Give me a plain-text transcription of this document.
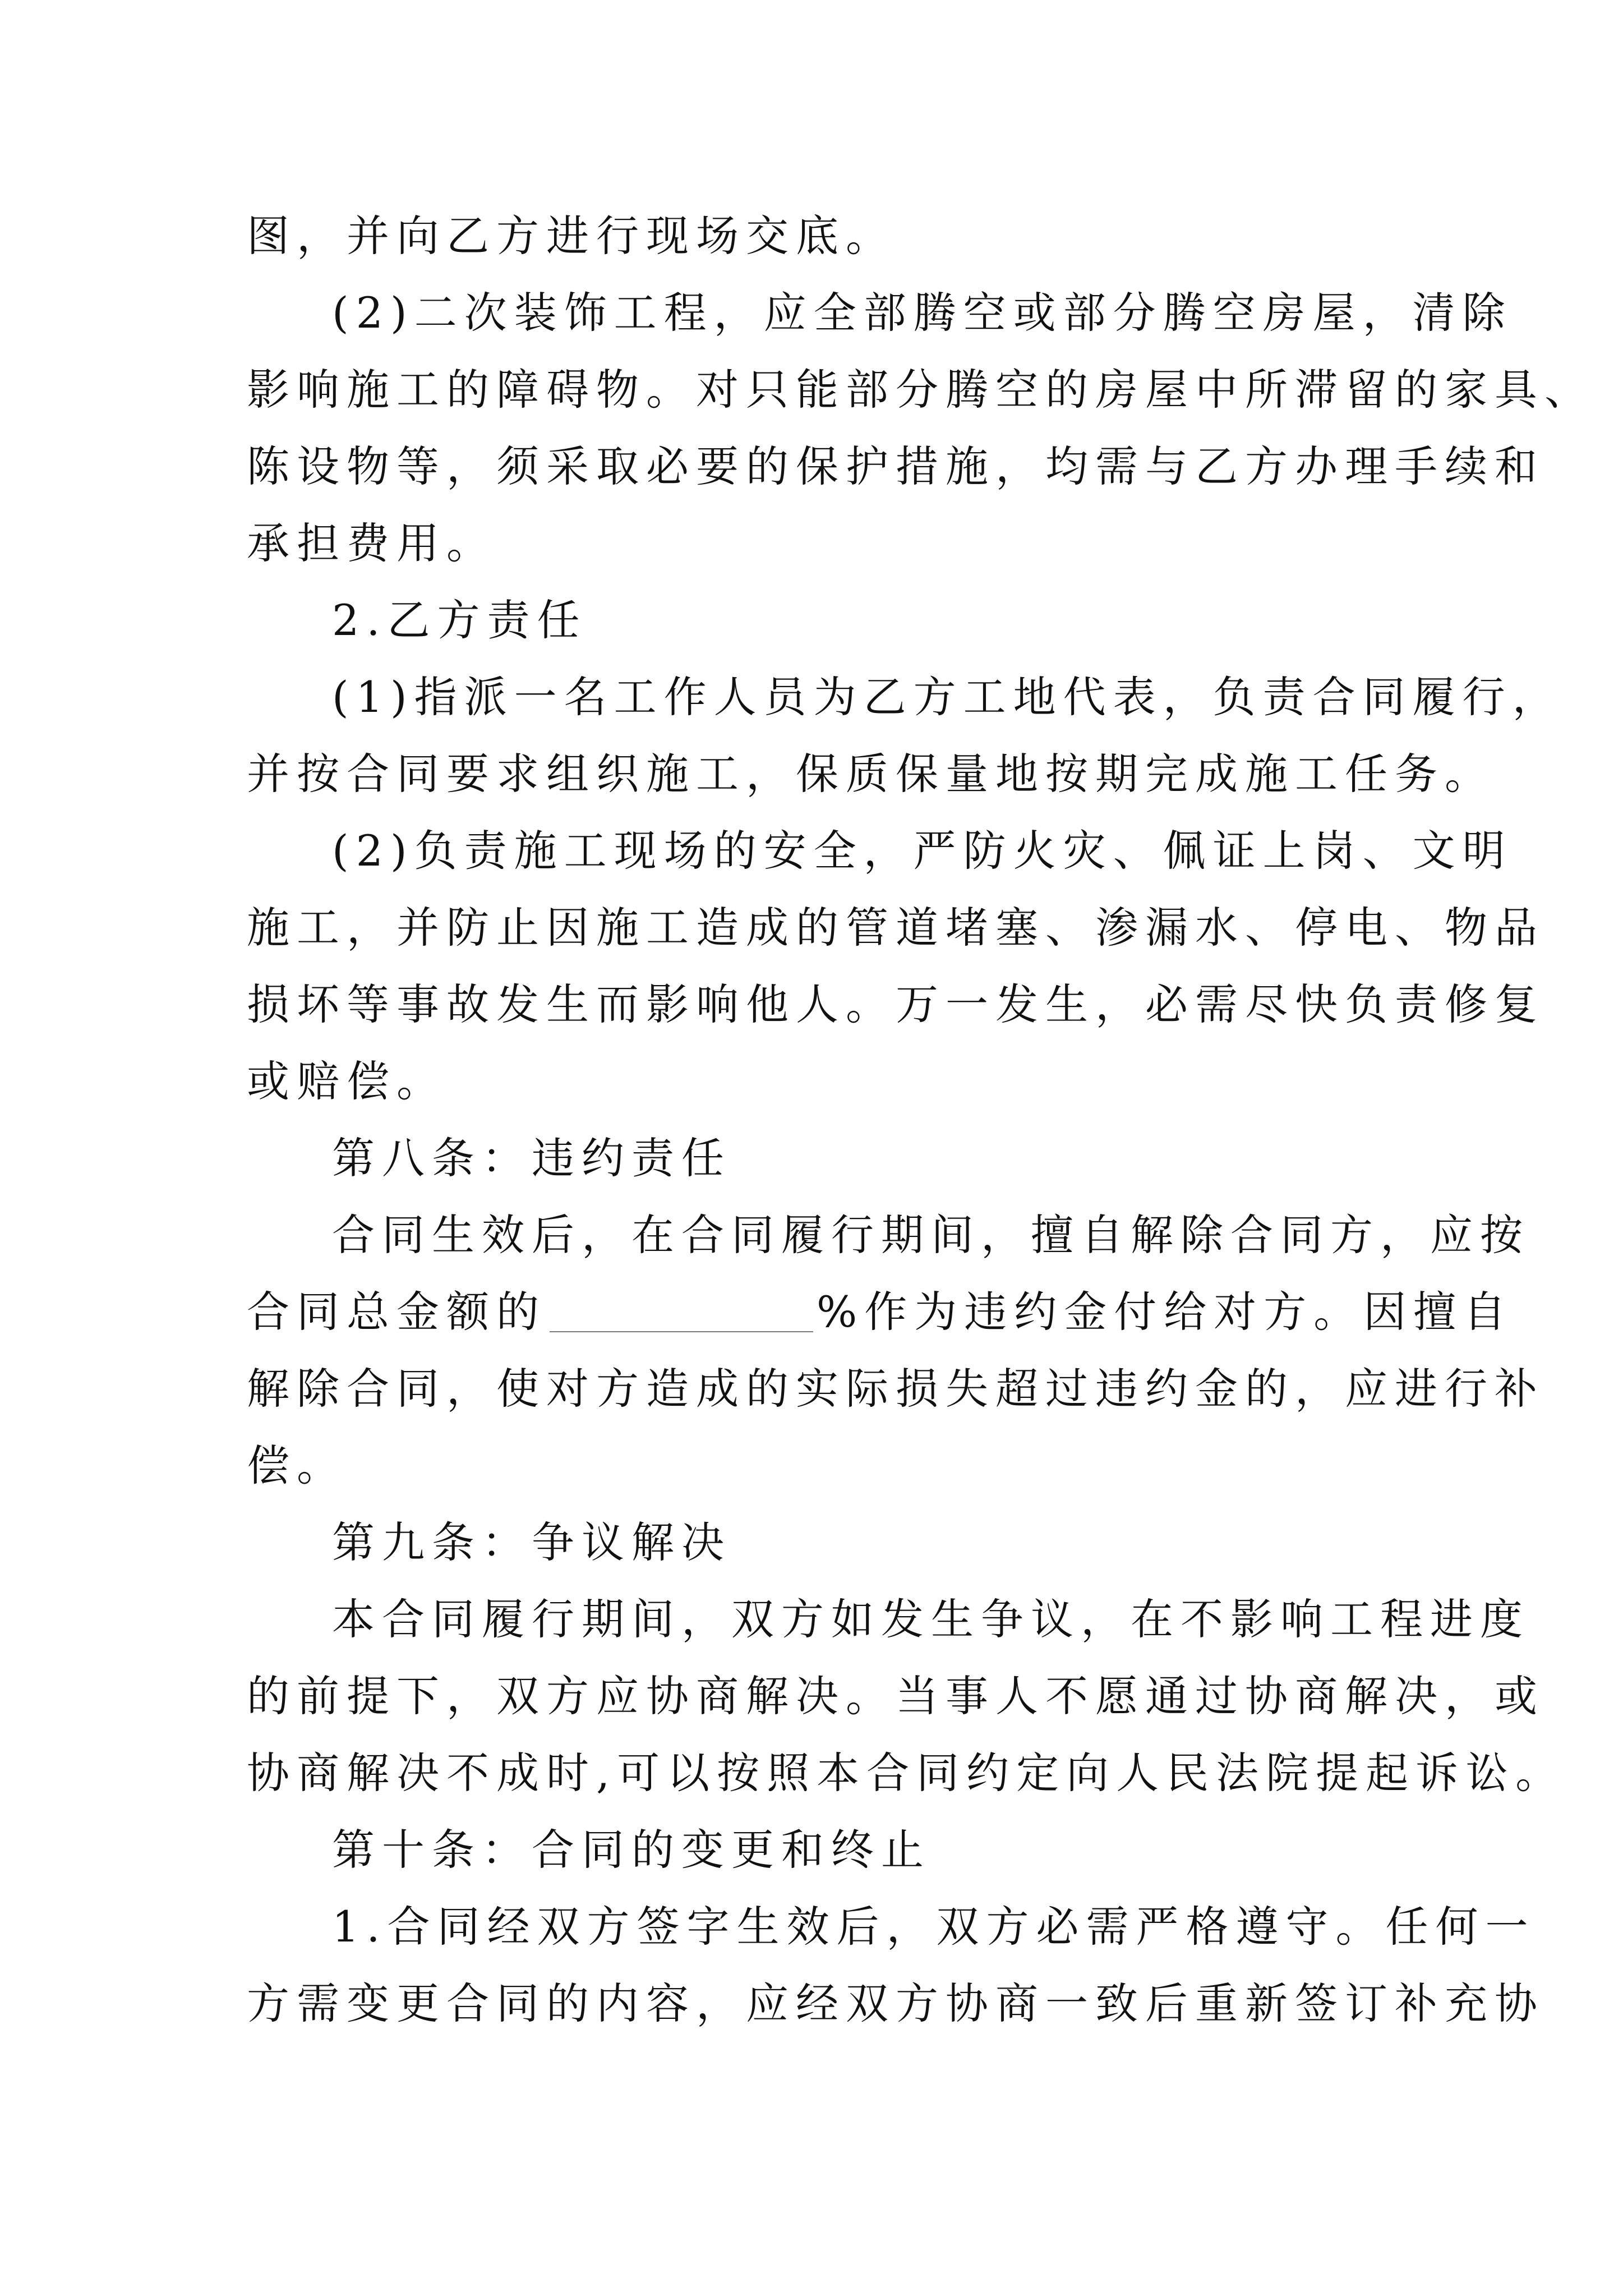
图，并向乙方进行现场交底。
(2)二次装饰工程，应全部腾空或部分腾空房屋，清除
影响施工的障碍物。对只能部分腾空的房屋中所滞留的家具、
陈设物等，须采取必要的保护措施，均需与乙方办理手续和
承担费用。
2.乙方责任
(1)指派一名工作人员为乙方工地代表，负责合同履行，
并按合同要求组织施工，保质保量地按期完成施工任务。
(2)负责施工现场的安全，严防火灾、佩证上岗、文明
施工，并防止因施工造成的管道堵塞、渗漏水、停电、物品
损坏等事故发生而影响他人。万一发生，必需尽快负责修复
或赔偿。
第八条：违约责任
合同生效后，在合同履行期间，擅自解除合同方，应按
合同总金额的	%作为违约金付给对方。因擅自
解除合同，使对方造成的实际损失超过违约金的，应进行补
偿。
第九条：争议解决
本合同履行期间，双方如发生争议，在不影响工程进度
的前提下，双方应协商解决。当事人不愿通过协商解决，或
协商解决不成时,可以按照本合同约定向人民法院提起诉讼。
第十条：合同的变更和终止
1.合同经双方签字生效后，双方必需严格遵守。任何一
方需变更合同的内容，应经双方协商一致后重新签订补充协
